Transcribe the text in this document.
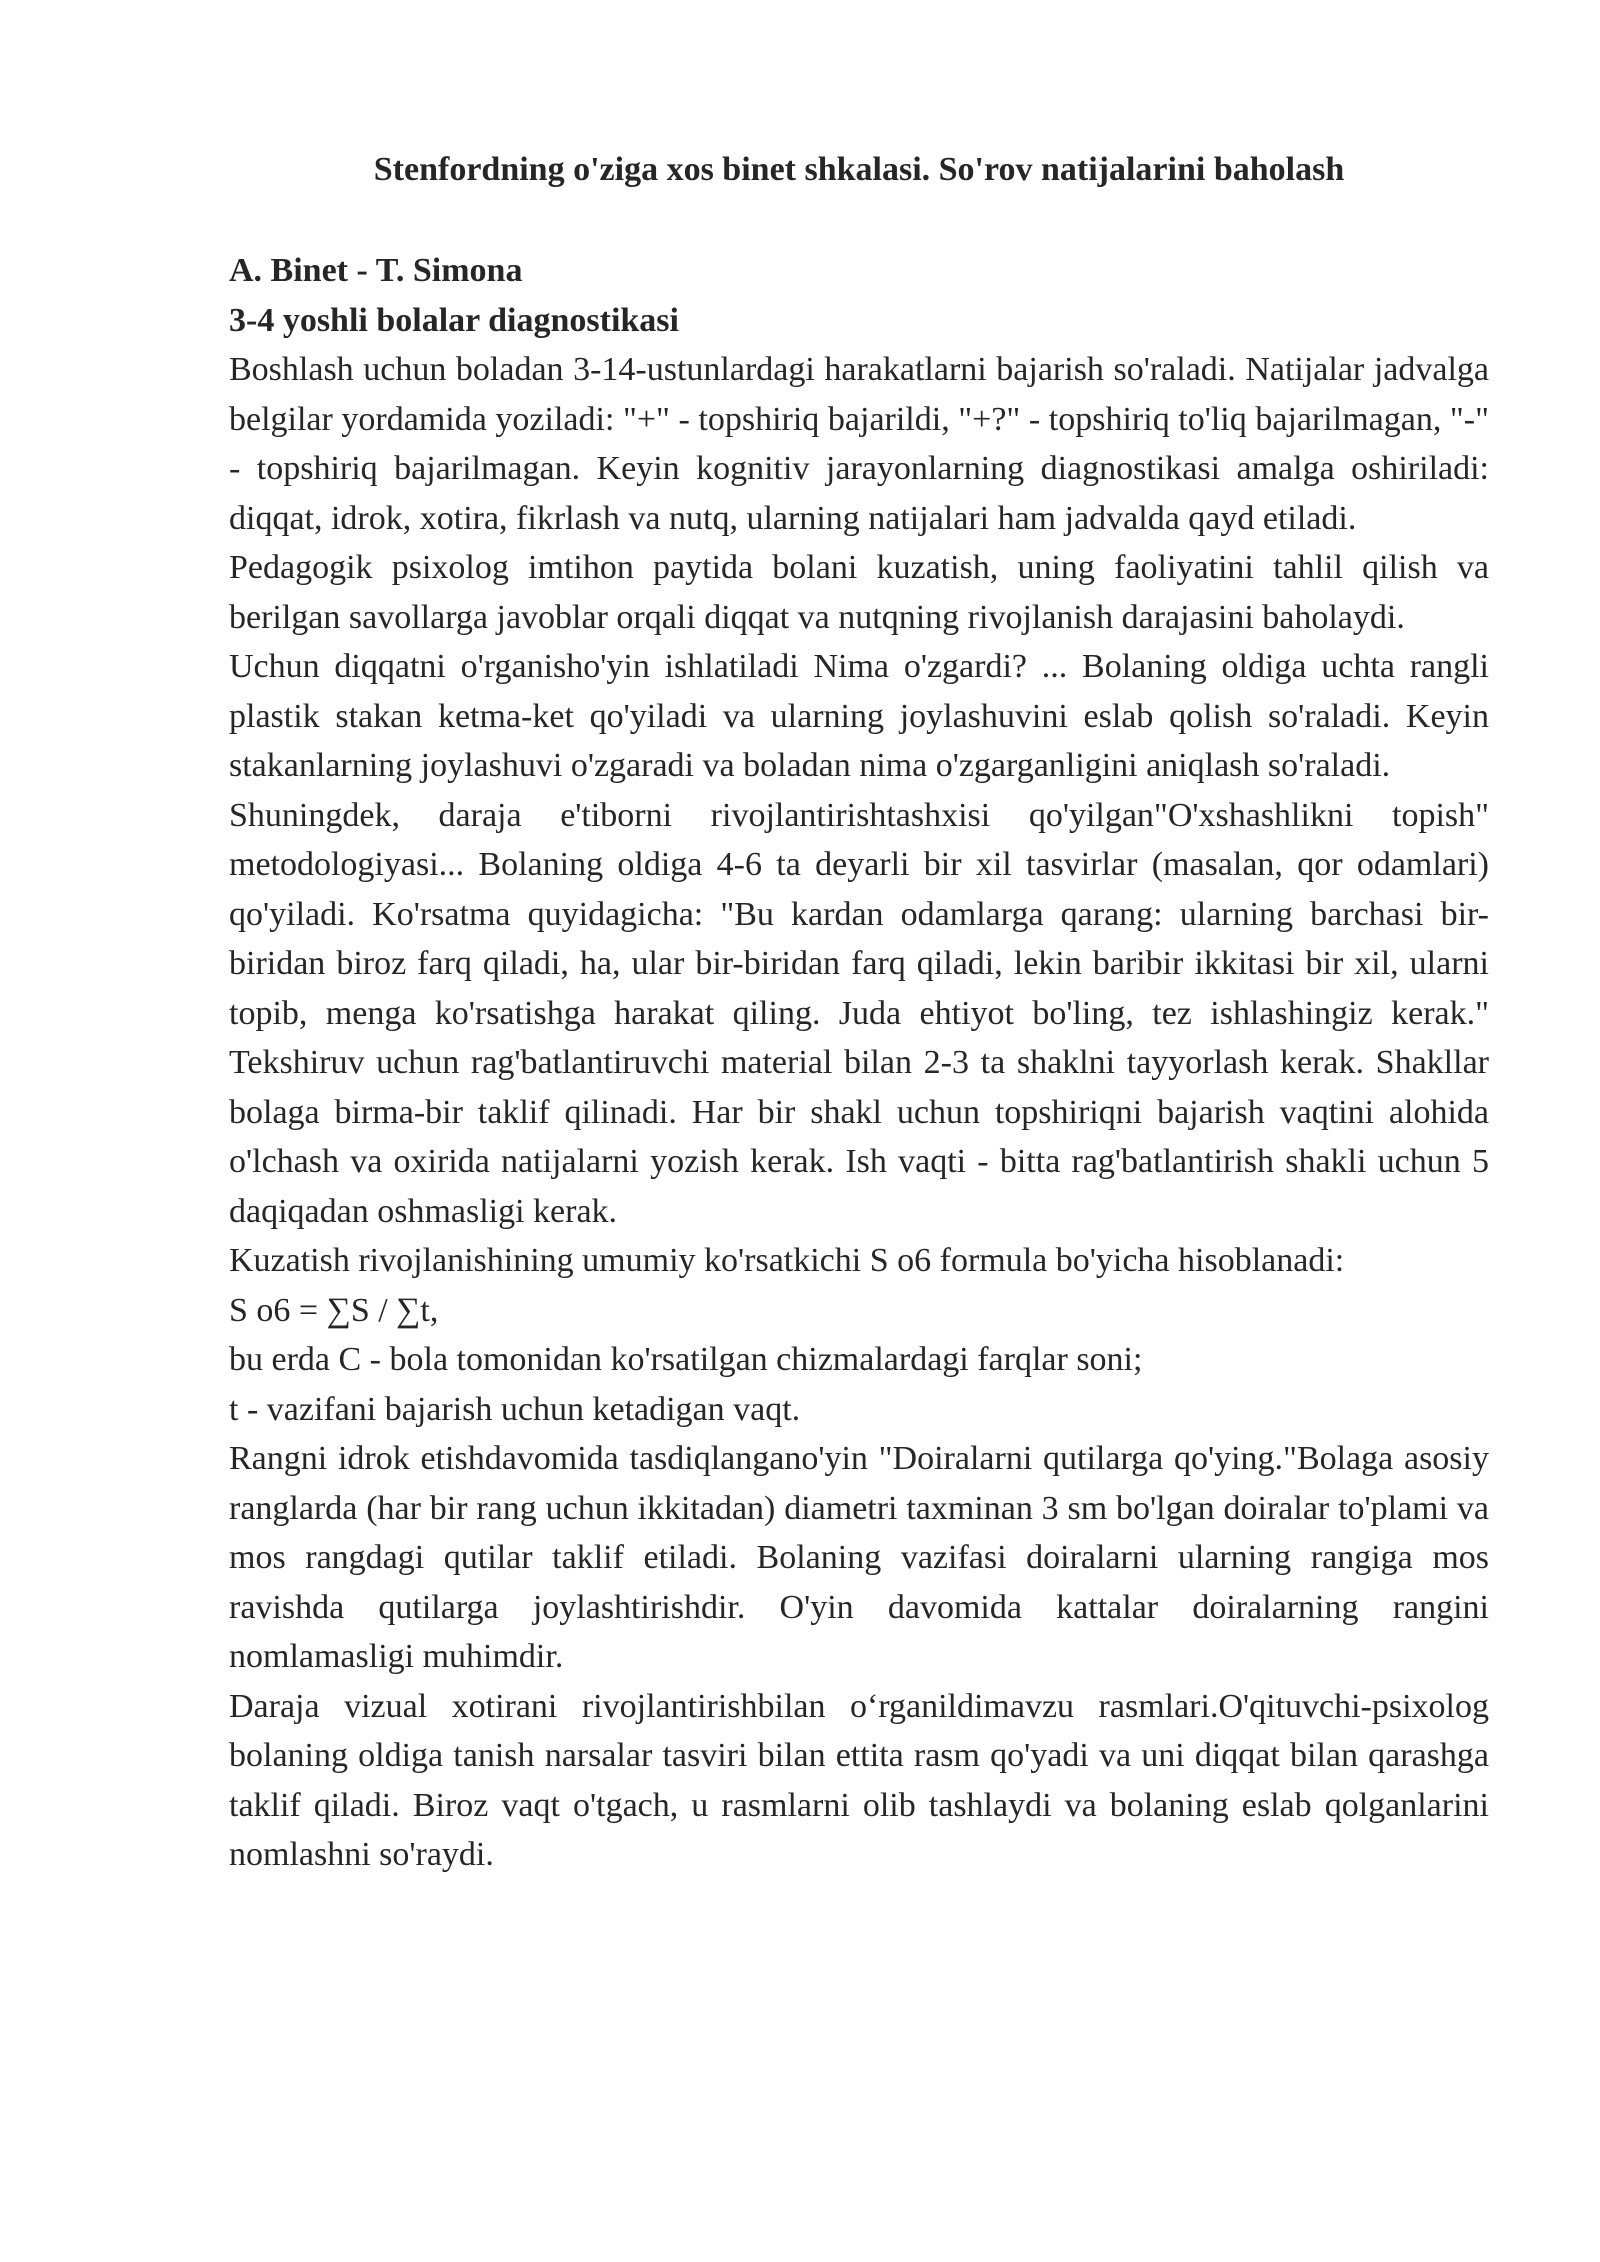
Stenfordning o'ziga xos binet shkalasi. So'rov natijalarini baholash

A. Binet - T. Simona

3-4 yoshli bolalar diagnostikasi

Boshlash uchun boladan 3-14-ustunlardagi harakatlarni bajarish so'raladi. Natijalar jadvalga belgilar yordamida yoziladi: "+" - topshiriq bajarildi, "+?" - topshiriq to'liq bajarilmagan, "-" - topshiriq bajarilmagan. Keyin kognitiv jarayonlarning diagnostikasi amalga oshiriladi: diqqat, idrok, xotira, fikrlash va nutq, ularning natijalari ham jadvalda qayd etiladi.

Pedagogik psixolog imtihon paytida bolani kuzatish, uning faoliyatini tahlil qilish va berilgan savollarga javoblar orqali diqqat va nutqning rivojlanish darajasini baholaydi.

Uchun diqqatni o'rganisho'yin ishlatiladi Nima o'zgardi? ... Bolaning oldiga uchta rangli plastik stakan ketma-ket qo'yiladi va ularning joylashuvini eslab qolish so'raladi. Keyin stakanlarning joylashuvi o'zgaradi va boladan nima o'zgarganligini aniqlash so'raladi.

Shuningdek, daraja e'tiborni rivojlantirishtashxisi qo'yilgan"O'xshashlikni topish" metodologiyasi... Bolaning oldiga 4-6 ta deyarli bir xil tasvirlar (masalan, qor odamlari) qo'yiladi. Ko'rsatma quyidagicha: "Bu kardan odamlarga qarang: ularning barchasi bir-biridan biroz farq qiladi, ha, ular bir-biridan farq qiladi, lekin baribir ikkitasi bir xil, ularni topib, menga ko'rsatishga harakat qiling. Juda ehtiyot bo'ling, tez ishlashingiz kerak." Tekshiruv uchun rag'batlantiruvchi material bilan 2-3 ta shaklni tayyorlash kerak. Shakllar bolaga birma-bir taklif qilinadi. Har bir shakl uchun topshiriqni bajarish vaqtini alohida o'lchash va oxirida natijalarni yozish kerak. Ish vaqti - bitta rag'batlantirish shakli uchun 5 daqiqadan oshmasligi kerak.

Kuzatish rivojlanishining umumiy ko'rsatkichi S o6 formula bo'yicha hisoblanadi:

S o6 = ∑S / ∑t,

bu erda C - bola tomonidan ko'rsatilgan chizmalardagi farqlar soni;

t - vazifani bajarish uchun ketadigan vaqt.

Rangni idrok etishdavomida tasdiqlangano'yin "Doiralarni qutilarga qo'ying."Bolaga asosiy ranglarda (har bir rang uchun ikkitadan) diametri taxminan 3 sm bo'lgan doiralar to'plami va mos rangdagi qutilar taklif etiladi. Bolaning vazifasi doiralarni ularning rangiga mos ravishda qutilarga joylashtirishdir. O'yin davomida kattalar doiralarning rangini nomlamasligi muhimdir.

Daraja vizual xotirani rivojlantirishbilan o‘rganildimavzu rasmlari.O'qituvchi-psixolog bolaning oldiga tanish narsalar tasviri bilan ettita rasm qo'yadi va uni diqqat bilan qarashga taklif qiladi. Biroz vaqt o'tgach, u rasmlarni olib tashlaydi va bolaning eslab qolganlarini nomlashni so'raydi.
